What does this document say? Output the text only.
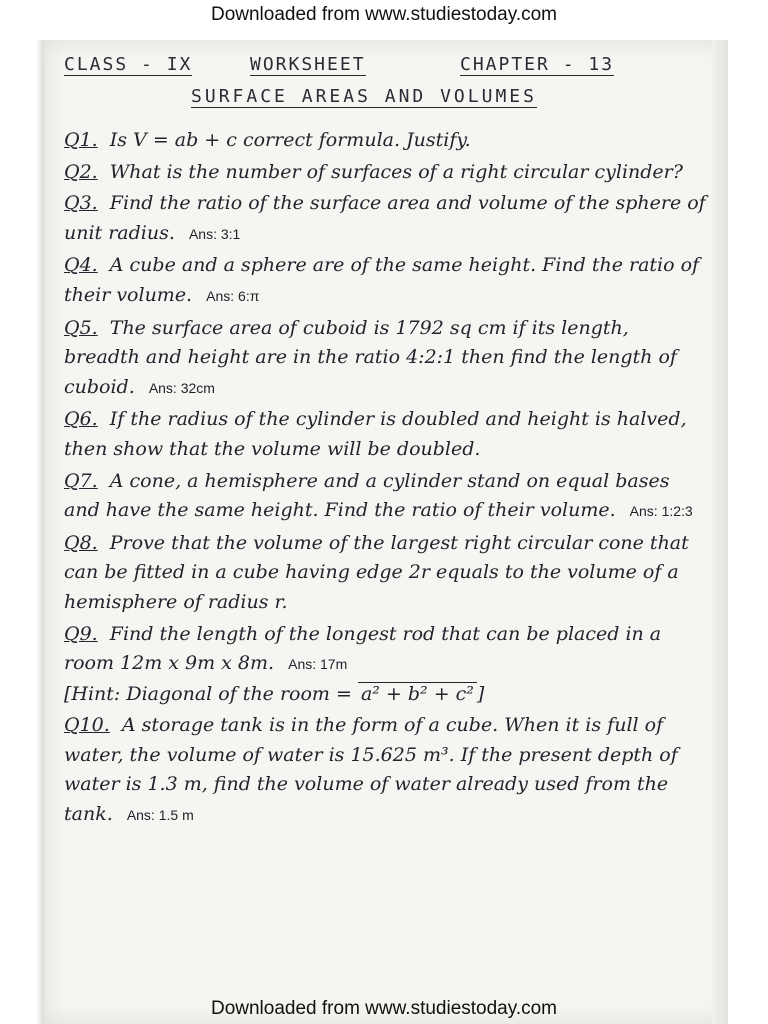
Downloaded from www.studiestoday.com
CLASS - IX	WORKSHEET	CHAPTER - 13
SURFACE AREAS AND VOLUMES
Q1. Is V = ab + c correct formula. Justify.
Q2. What is the number of surfaces of a right circular cylinder?
Q3. Find the ratio of the surface area and volume of the sphere of unit radius. Ans: 3:1
Q4. A cube and a sphere are of the same height. Find the ratio of their volume. Ans: 6:π
Q5. The surface area of cuboid is 1792 sq cm if its length, breadth and height are in the ratio 4:2:1 then find the length of cuboid. Ans: 32cm
Q6. If the radius of the cylinder is doubled and height is halved, then show that the volume will be doubled.
Q7. A cone, a hemisphere and a cylinder stand on equal bases and have the same height. Find the ratio of their volume. Ans: 1:2:3
Q8. Prove that the volume of the largest right circular cone that can be fitted in a cube having edge 2r equals to the volume of a hemisphere of radius r.
Q9. Find the length of the longest rod that can be placed in a room 12m x 9m x 8m. Ans: 17m
[Hint: Diagonal of the room = a² + b² + c² ]
Q10. A storage tank is in the form of a cube. When it is full of water, the volume of water is 15.625 m³. If the present depth of water is 1.3 m, find the volume of water already used from the tank. Ans: 1.5 m
Downloaded from www.studiestoday.com
